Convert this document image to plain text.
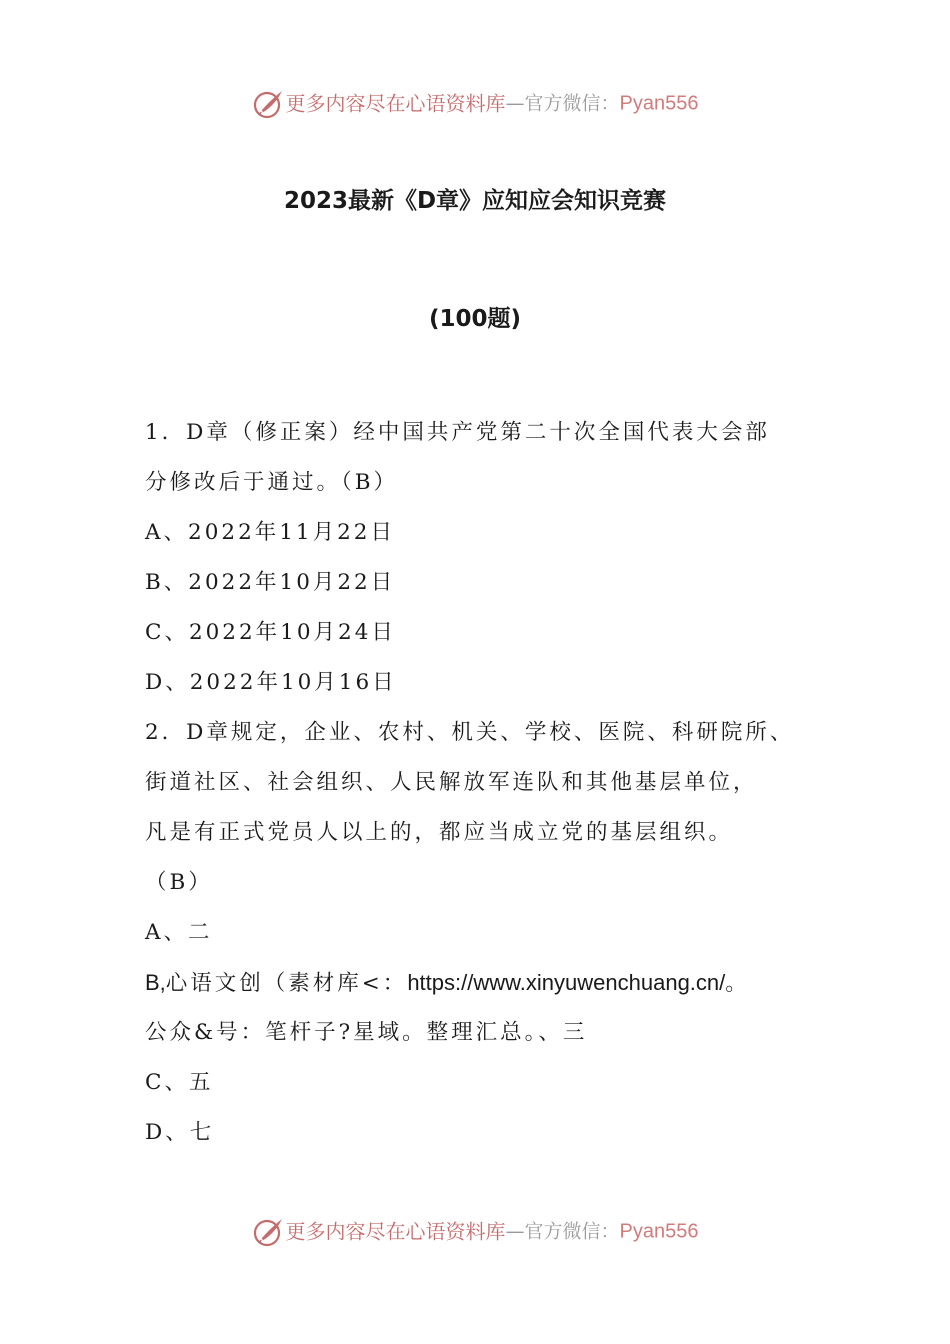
更多内容尽在心语资料库—官方微信：Pyan556
2023最新《D章》应知应会知识竞赛
(100题)
1．D章（修正案）经中国共产党第二十次全国代表大会部
分修改后于通过。（B）
A、2022年11月22日
B、2022年10月22日
C、2022年10月24日
D、2022年10月16日
2．D章规定，企业、农村、机关、学校、医院、科研院所、
街道社区、社会组织、人民解放军连队和其他基层单位，
凡是有正式党员人以上的，都应当成立党的基层组织。
（B）
A、二
B,心语文创（素材库<：https://www.xinyuwenchuang.cn/。
公众&号：笔杆子?星域。整理汇总。、三
C、五
D、七
更多内容尽在心语资料库—官方微信：Pyan556
